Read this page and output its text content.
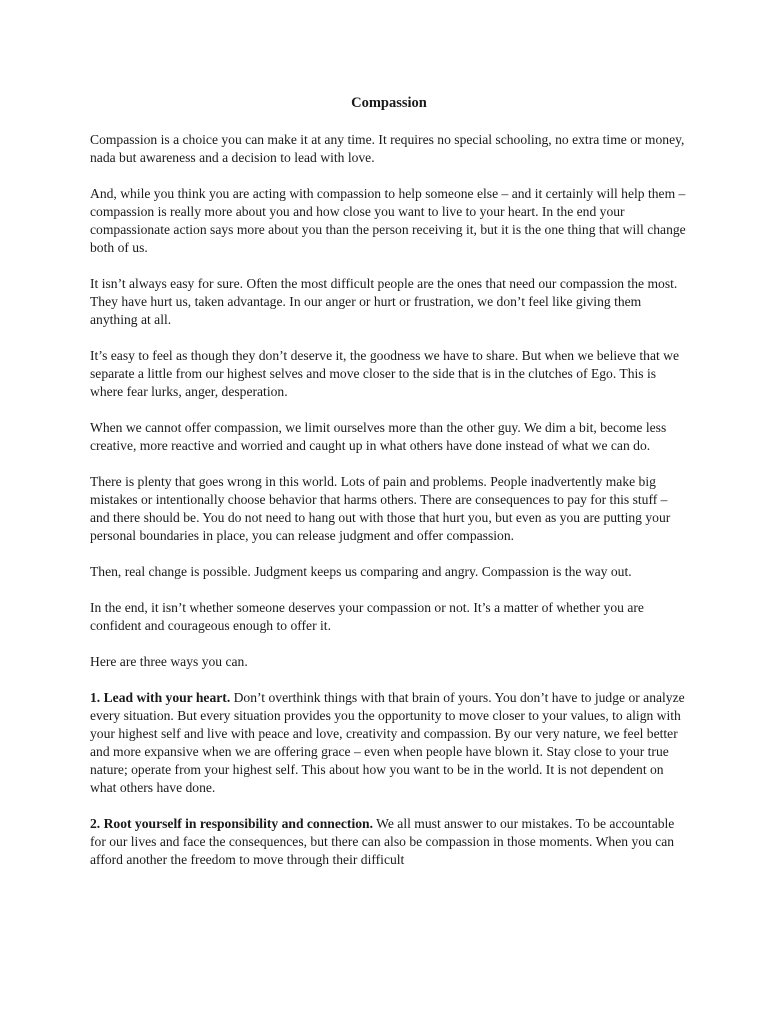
Compassion

Compassion is a choice you can make it at any time. It requires no special schooling, no extra time or money, nada but awareness and a decision to lead with love.

And, while you think you are acting with compassion to help someone else – and it certainly will help them – compassion is really more about you and how close you want to live to your heart. In the end your compassionate action says more about you than the person receiving it, but it is the one thing that will change both of us.

It isn’t always easy for sure. Often the most difficult people are the ones that need our compassion the most. They have hurt us, taken advantage. In our anger or hurt or frustration, we don’t feel like giving them anything at all.

It’s easy to feel as though they don’t deserve it, the goodness we have to share. But when we believe that we separate a little from our highest selves and move closer to the side that is in the clutches of Ego. This is where fear lurks, anger, desperation.

When we cannot offer compassion, we limit ourselves more than the other guy. We dim a bit, become less creative, more reactive and worried and caught up in what others have done instead of what we can do.

There is plenty that goes wrong in this world. Lots of pain and problems. People inadvertently make big mistakes or intentionally choose behavior that harms others. There are consequences to pay for this stuff – and there should be. You do not need to hang out with those that hurt you, but even as you are putting your personal boundaries in place, you can release judgment and offer compassion.

Then, real change is possible. Judgment keeps us comparing and angry. Compassion is the way out.

In the end, it isn’t whether someone deserves your compassion or not. It’s a matter of whether you are confident and courageous enough to offer it.

Here are three ways you can.

1. Lead with your heart. Don’t overthink things with that brain of yours. You don’t have to judge or analyze every situation. But every situation provides you the opportunity to move closer to your values, to align with your highest self and live with peace and love, creativity and compassion. By our very nature, we feel better and more expansive when we are offering grace – even when people have blown it. Stay close to your true nature; operate from your highest self. This about how you want to be in the world. It is not dependent on what others have done.

2. Root yourself in responsibility and connection. We all must answer to our mistakes. To be accountable for our lives and face the consequences, but there can also be compassion in those moments. When you can afford another the freedom to move through their difficult
